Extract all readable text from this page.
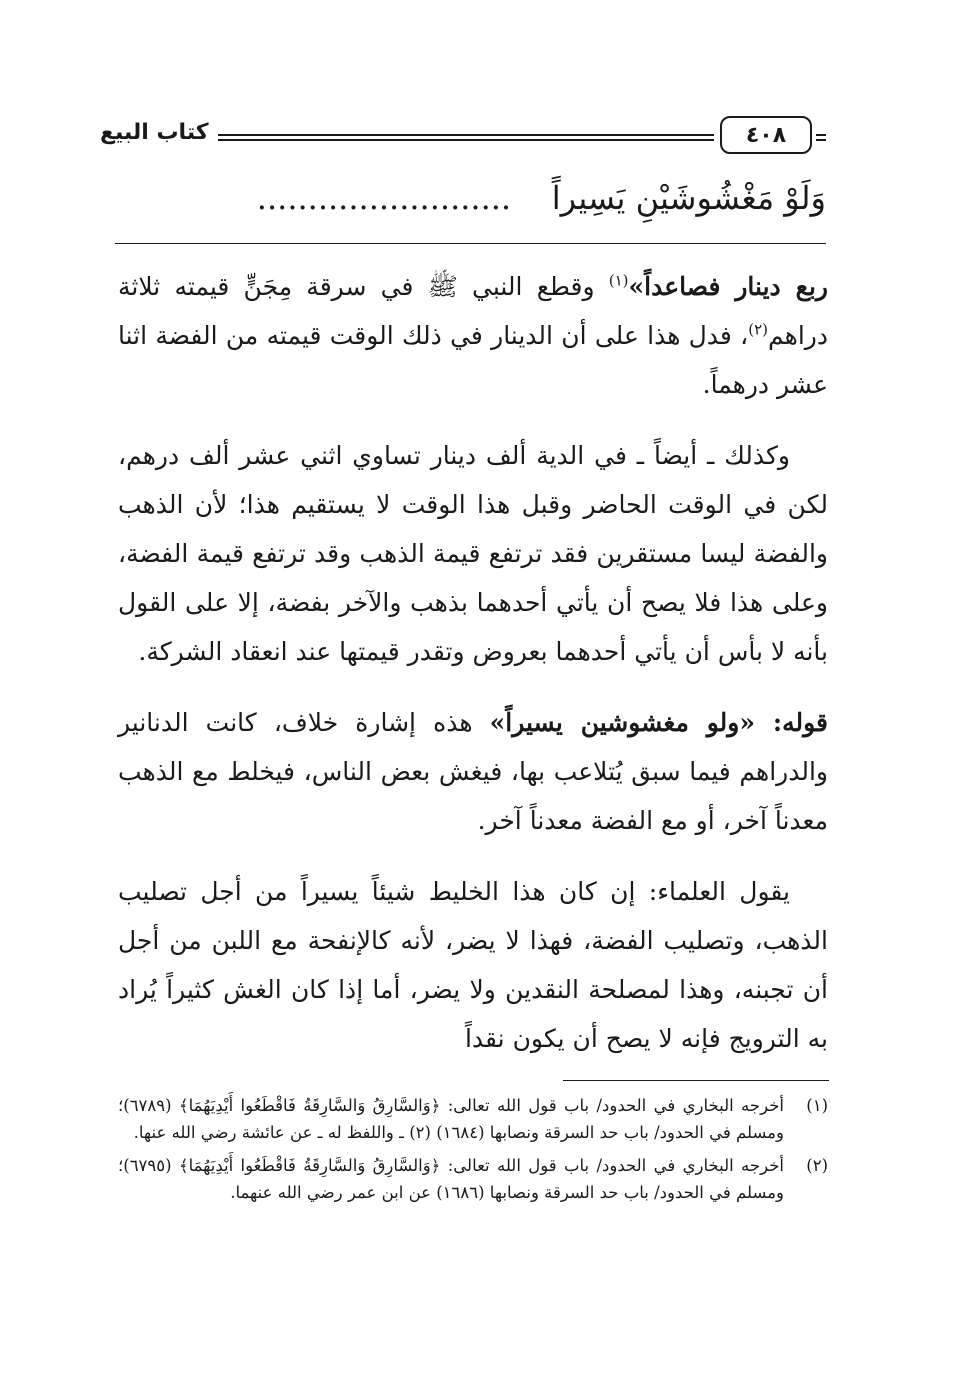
كتاب البيع	٤٠٨
وَلَوْ مَغْشُوشَيْنِ يَسِيراً    .........................

ربع دينار فصاعداً»$^{(١)}$ وقطع النبي ﷺ في سرقة مِجَنٍّ قيمته ثلاثة دراهم$^{(٢)}$، فدل هذا على أن الدينار في ذلك الوقت قيمته من الفضة اثنا عشر درهماً.

وكذلك ـ أيضاً ـ في الدية ألف دينار تساوي اثني عشر ألف درهم، لكن في الوقت الحاضر وقبل هذا الوقت لا يستقيم هذا؛ لأن الذهب والفضة ليسا مستقرين فقد ترتفع قيمة الذهب وقد ترتفع قيمة الفضة، وعلى هذا فلا يصح أن يأتي أحدهما بذهب والآخر بفضة، إلا على القول بأنه لا بأس أن يأتي أحدهما بعروض وتقدر قيمتها عند انعقاد الشركة.

قوله: «ولو مغشوشين يسيراً» هذه إشارة خلاف، كانت الدنانير والدراهم فيما سبق يُتلاعب بها، فيغش بعض الناس، فيخلط مع الذهب معدناً آخر، أو مع الفضة معدناً آخر.

يقول العلماء: إن كان هذا الخليط شيئاً يسيراً من أجل تصليب الذهب، وتصليب الفضة، فهذا لا يضر، لأنه كالإنفحة مع اللبن من أجل أن تجبنه، وهذا لمصلحة النقدين ولا يضر، أما إذا كان الغش كثيراً يُراد به الترويج فإنه لا يصح أن يكون نقداً

(١)
أخرجه البخاري في الحدود/ باب قول الله تعالى: ﴿وَالسَّارِقُ وَالسَّارِقَةُ فَاقْطَعُوا أَيْدِيَهُمَا﴾ (٦٧٨٩)؛ ومسلم في الحدود/ باب حد السرقة ونصابها (١٦٨٤) (٢) ـ واللفظ له ـ عن عائشة رضي الله عنها.
(٢)
أخرجه البخاري في الحدود/ باب قول الله تعالى: ﴿وَالسَّارِقُ وَالسَّارِقَةُ فَاقْطَعُوا أَيْدِيَهُمَا﴾ (٦٧٩٥)؛ ومسلم في الحدود/ باب حد السرقة ونصابها (١٦٨٦) عن ابن عمر رضي الله عنهما.
